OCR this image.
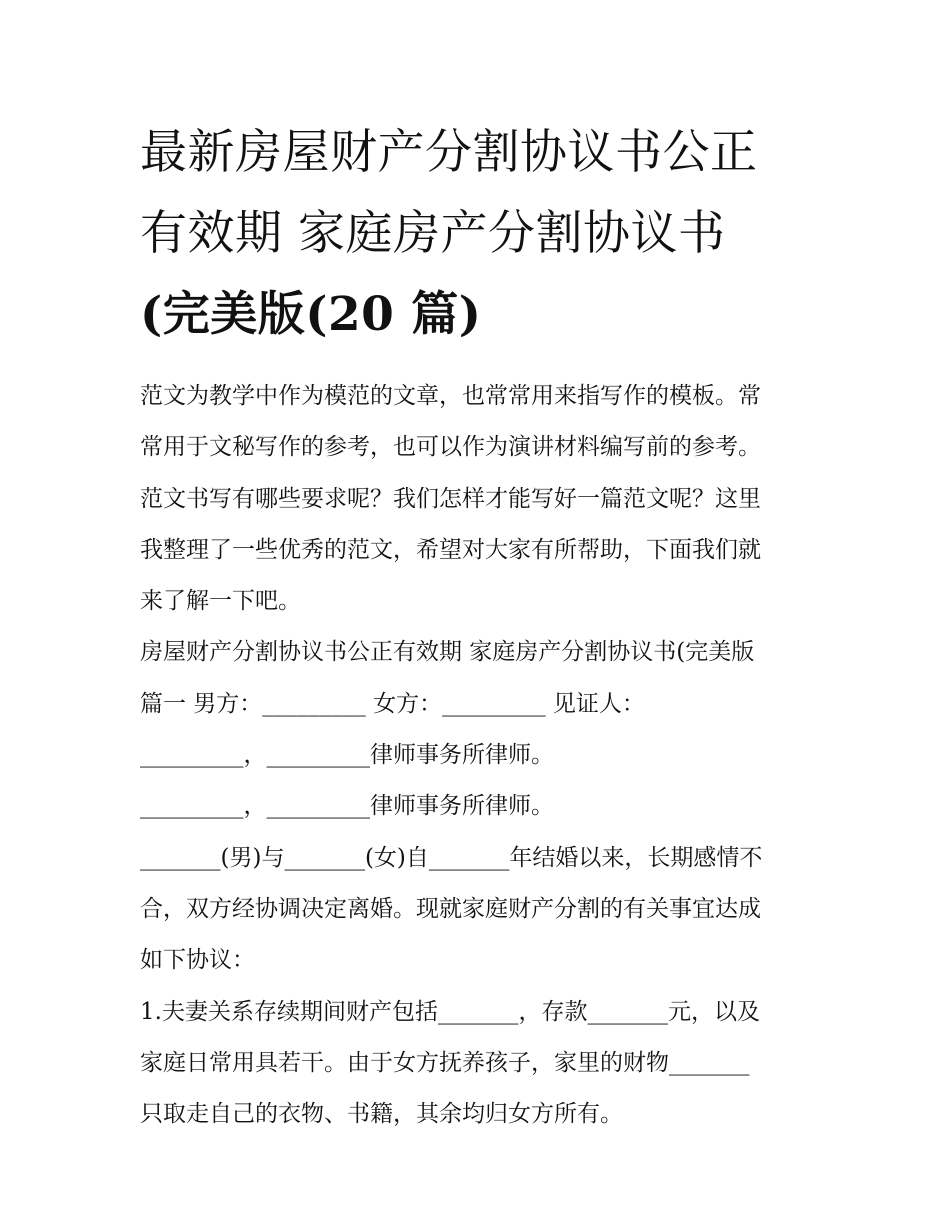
最新房屋财产分割协议书公正
有效期 家庭房产分割协议书
(完美版(20 篇)

范文为教学中作为模范的文章，也常常用来指写作的模板。常
常用于文秘写作的参考，也可以作为演讲材料编写前的参考。
范文书写有哪些要求呢？我们怎样才能写好一篇范文呢？这里
我整理了一些优秀的范文，希望对大家有所帮助，下面我们就
来了解一下吧。

房屋财产分割协议书公正有效期 家庭房产分割协议书(完美版
篇一 男方：_________ 女方：_________ 见证人：
_________，_________律师事务所律师。
_________，_________律师事务所律师。

_______(男)与_______(女)自_______年结婚以来，长期感情不
合，双方经协调决定离婚。现就家庭财产分割的有关事宜达成
如下协议：

1.夫妻关系存续期间财产包括_______，存款_______元，以及
家庭日常用具若干。由于女方抚养孩子，家里的财物_______
只取走自己的衣物、书籍，其余均归女方所有。
